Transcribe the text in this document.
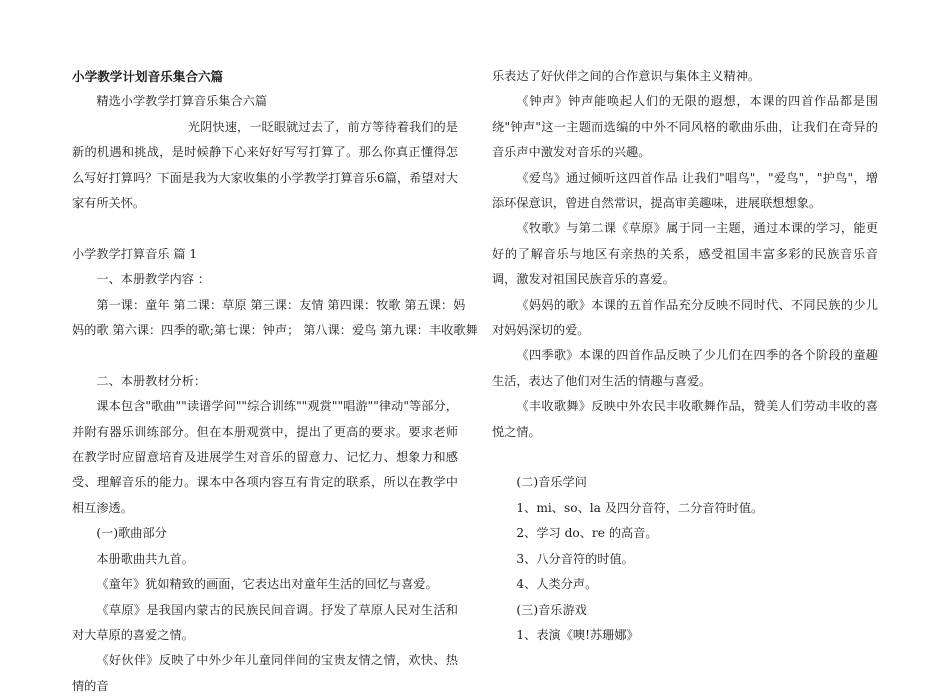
小学教学计划音乐集合六篇

精选小学教学打算音乐集合六篇

光阴快速，一眨眼就过去了，前方等待着我们的是新的机遇和挑战，是时候静下心来好好写写打算了。那么你真正懂得怎么写好打算吗？下面是我为大家收集的小学教学打算音乐6篇，希望对大家有所关怀。

小学教学打算音乐 篇 1

一、本册教学内容 ：

第一课：童年 第二课：草原 第三课：友情 第四课：牧歌 第五课：妈

妈的歌 第六课：四季的歌;第七课：钟声； 第八课：爱鸟 第九课：丰收歌舞

二、本册教材分析：

课本包含"歌曲""读谱学问""综合训练""观赏""唱游""律动"等部分，并附有器乐训练部分。但在本册观赏中，提出了更高的要求。要求老师在教学时应留意培育及进展学生对音乐的留意力、记忆力、想象力和感受、理解音乐的能力。课本中各项内容互有肯定的联系，所以在教学中相互渗透。

(一)歌曲部分

本册歌曲共九首。

《童年》犹如精致的画面，它表达出对童年生活的回忆与喜爱。

《草原》是我国内蒙古的民族民间音调。抒发了草原人民对生活和对大草原的喜爱之情。

《好伙伴》反映了中外少年儿童同伴间的宝贵友情之情，欢快、热情的音

乐表达了好伙伴之间的合作意识与集体主义精神。

《钟声》钟声能唤起人们的无限的遐想，本课的四首作品都是围绕"钟声"这一主题而选编的中外不同风格的歌曲乐曲，让我们在奇异的音乐声中激发对音乐的兴趣。

《爱鸟》通过倾听这四首作品 让我们"唱鸟"，"爱鸟"，"护鸟"，增添环保意识，曾进自然常识，提高审美趣味，进展联想想象。

《牧歌》与第二课《草原》属于同一主题，通过本课的学习，能更好的了解音乐与地区有亲热的关系，感受祖国丰富多彩的民族音乐音调，激发对祖国民族音乐的喜爱。

《妈妈的歌》本课的五首作品充分反映不同时代、不同民族的少儿对妈妈深切的爱。

《四季歌》本课的四首作品反映了少儿们在四季的各个阶段的童趣生活，表达了他们对生活的情趣与喜爱。

《丰收歌舞》反映中外农民丰收歌舞作品，赞美人们劳动丰收的喜悦之情。

(二)音乐学问

1、mi、so、la 及四分音符，二分音符时值。

2、学习 do、re 的高音。

3、八分音符的时值。

4、人类分声。

(三)音乐游戏

1、表演《噢!苏珊娜》
